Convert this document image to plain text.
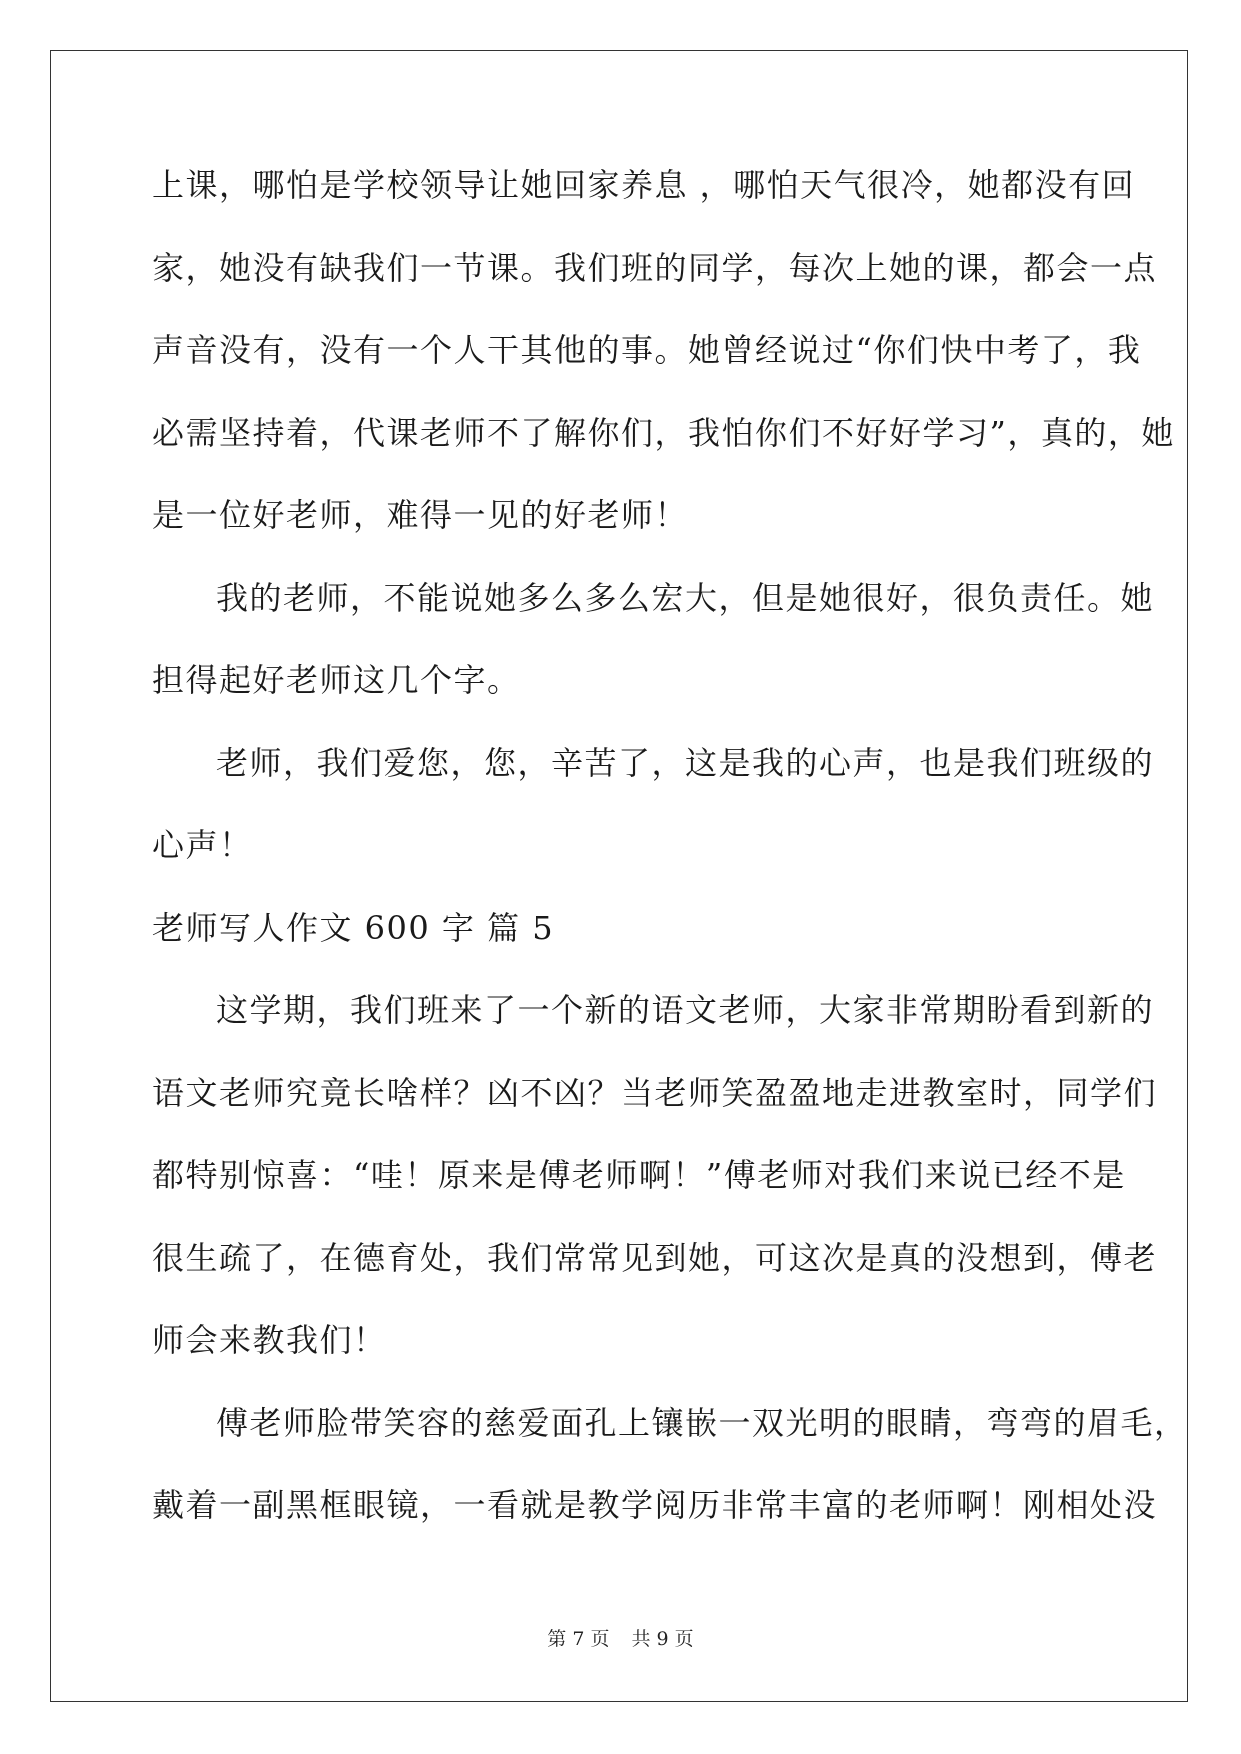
上课，哪怕是学校领导让她回家养息 ，哪怕天气很冷，她都没有回
家，她没有缺我们一节课。我们班的同学，每次上她的课，都会一点
声音没有，没有一个人干其他的事。她曾经说过“你们快中考了，我
必需坚持着，代课老师不了解你们，我怕你们不好好学习”，真的，她
是一位好老师，难得一见的好老师！
我的老师，不能说她多么多么宏大，但是她很好，很负责任。她
担得起好老师这几个字。
老师，我们爱您，您，辛苦了，这是我的心声，也是我们班级的
心声！
老师写人作文 600 字 篇 5
这学期，我们班来了一个新的语文老师，大家非常期盼看到新的
语文老师究竟长啥样？凶不凶？当老师笑盈盈地走进教室时，同学们
都特别惊喜：“哇！原来是傅老师啊！”傅老师对我们来说已经不是
很生疏了，在德育处，我们常常见到她，可这次是真的没想到，傅老
师会来教我们！
傅老师脸带笑容的慈爱面孔上镶嵌一双光明的眼睛，弯弯的眉毛，
戴着一副黑框眼镜，一看就是教学阅历非常丰富的老师啊！刚相处没
第 7 页 共 9 页
